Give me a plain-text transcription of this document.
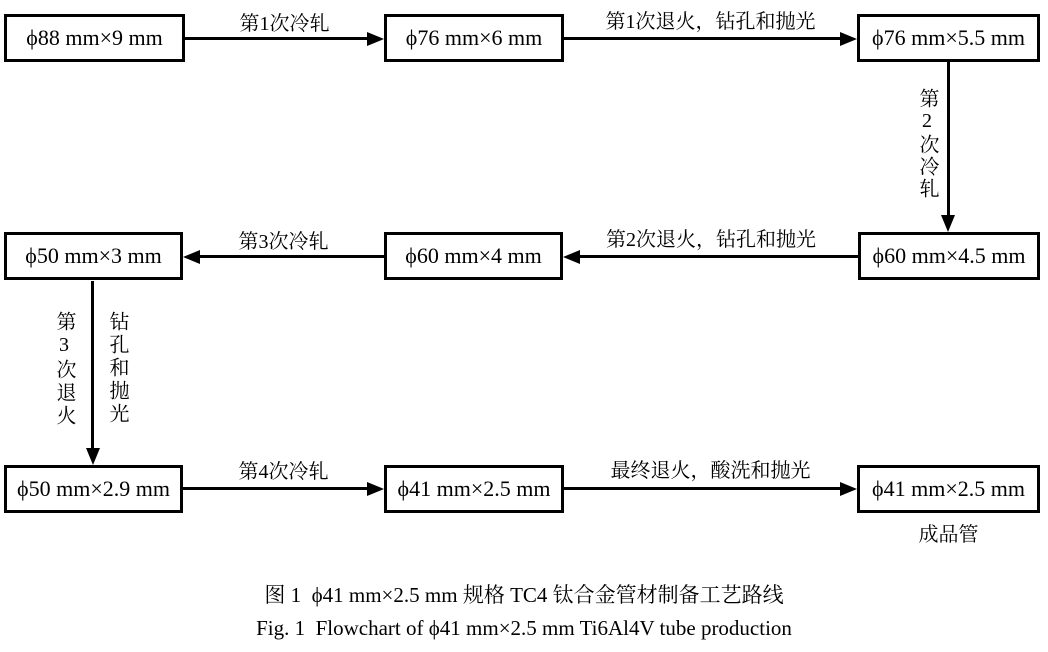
ϕ88 mm×9 mm
第1次冷轧
ϕ76 mm×6 mm
第1次退火，钻孔和抛光
ϕ76 mm×5.5 mm
第2次冷轧
ϕ60 mm×4.5 mm
第2次退火，钻孔和抛光
ϕ60 mm×4 mm
第3次冷轧
ϕ50 mm×3 mm
第3次退火 钻孔和抛光
ϕ50 mm×2.9 mm
第4次冷轧
ϕ41 mm×2.5 mm
最终退火，酸洗和抛光
ϕ41 mm×2.5 mm
成品管
图 1  ϕ41 mm×2.5 mm 规格 TC4 钛合金管材制备工艺路线
Fig. 1  Flowchart of ϕ41 mm×2.5 mm Ti6Al4V tube production
